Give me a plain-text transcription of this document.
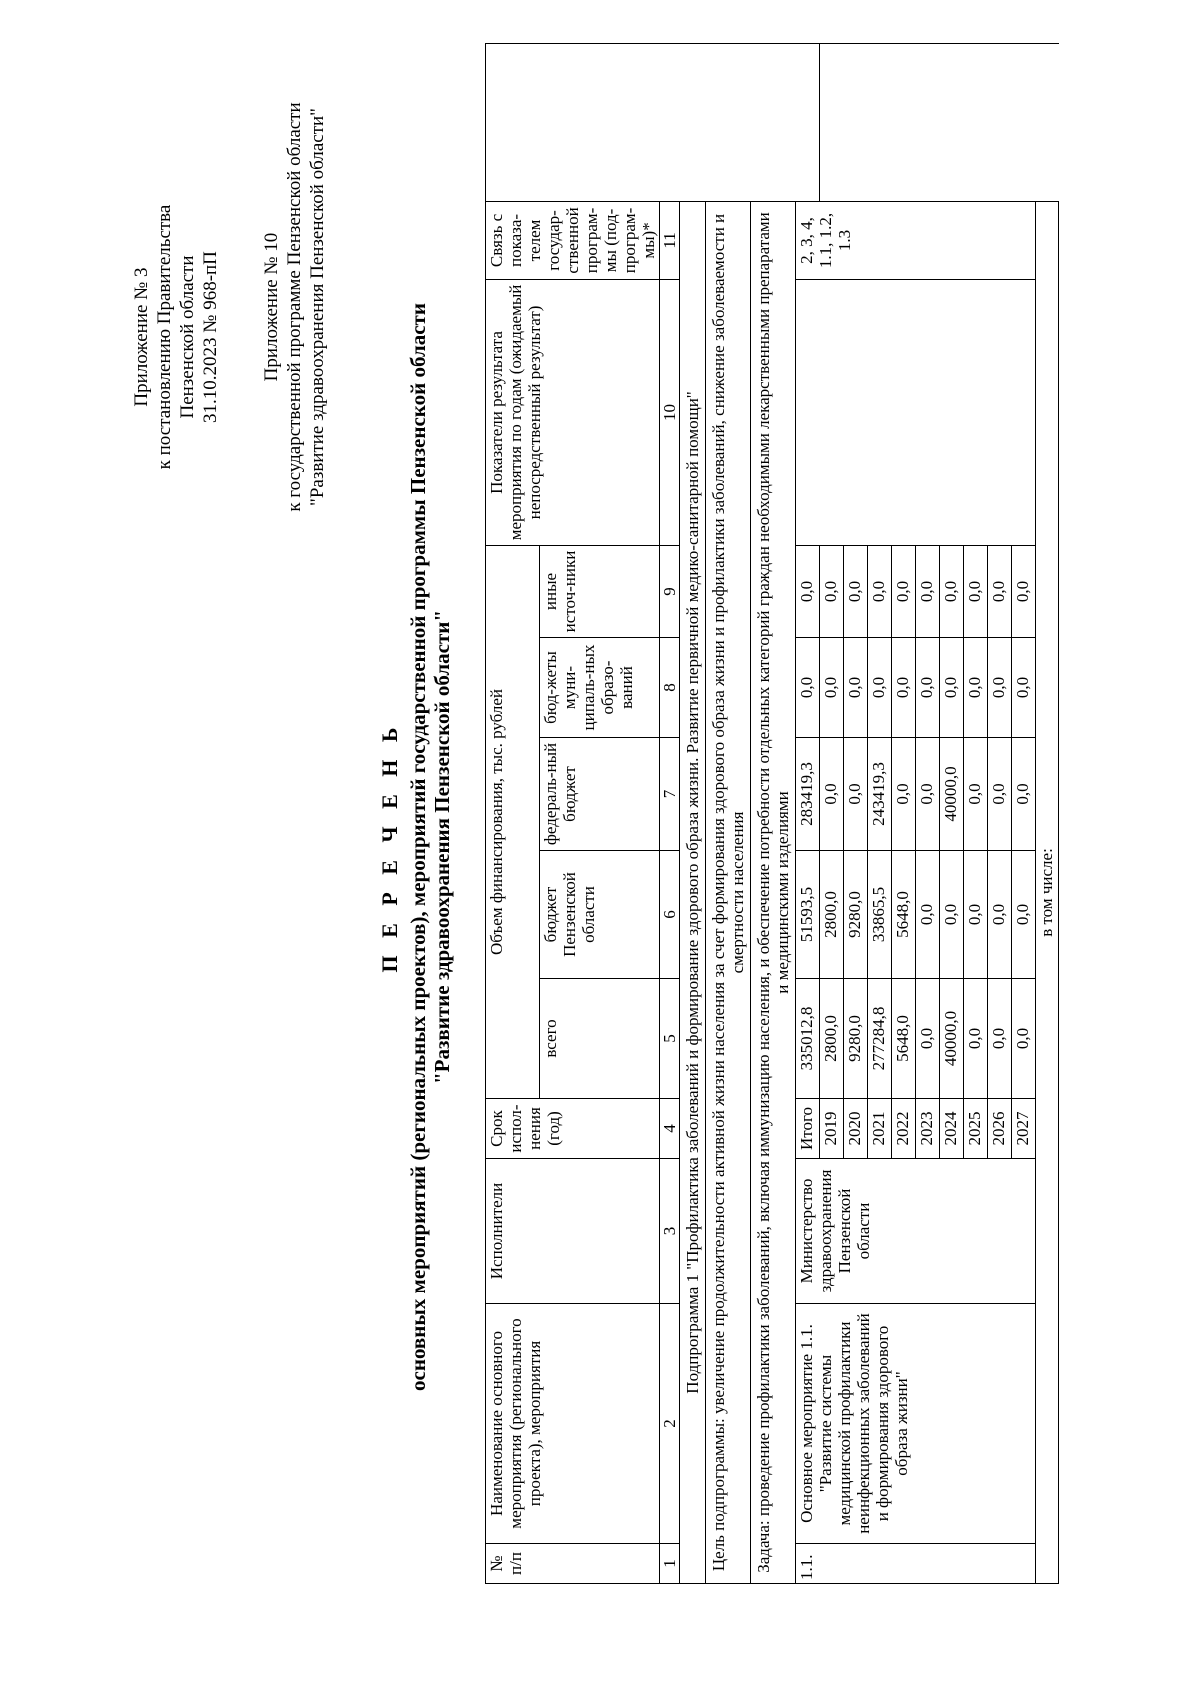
Приложение № 3 к постановлению Правительства Пензенской области 31.10.2023 № 968-пП Приложение № 10 к государственной программе Пензенской области "Развитие здравоохранения Пензенской области"
П Е Р Е Ч Е Н Ь основных мероприятий (региональных проектов), мероприятий государственной программы Пензенской области "Развитие здравоохранения Пензенской области"
№ п/п	Наименование основного мероприятия (регионального проекта), мероприятия	Исполнители	Срок испол-нения (год)	Объем финансирования, тыс. рублей					Показатели результата мероприятия по годам (ожидаемый непосредственный результат)	Связь с показа-телем государ-ственной програм-мы (под-програм-мы)*		
				всего	бюджет Пензенской области	федераль-ный бюджет	бюд-жеты муни-ципаль-ных образо-ваний	иные источ-ники				
1	2	3	4	5	6	7	8	9	10	11		
Подпрограмма 1 "Профилактика заболеваний и формирование здорового образа жизни. Развитие первичной медико-санитарной помощи"												
Цель подпрограммы: увеличение продолжительности активной жизни населения за счет формирования здорового образа жизни и профилактики заболеваний, снижение заболеваемости и смертности населения												
Задача: проведение профилактики заболеваний, включая иммунизацию населения, и обеспечение потребности отдельных категорий граждан необходимыми лекарственными препаратами и медицинскими изделиями												
1.1.	Основное мероприятие 1.1. "Развитие системы медицинской профилактики неинфекционных заболеваний и формирования здорового образа жизни"	Министерство здравоохранения Пензенской области	Итого	335012,8	51593,5	283419,3	0,0	0,0		2, 3, 4, 1.1, 1.2, 1.3		
			2019	2800,0	2800,0	0,0	0,0	0,0				
			2020	9280,0	9280,0	0,0	0,0	0,0				
			2021	277284,8	33865,5	243419,3	0,0	0,0				
			2022	5648,0	5648,0	0,0	0,0	0,0				
			2023	0,0	0,0	0,0	0,0	0,0				
			2024	40000,0	0,0	40000,0	0,0	0,0				
			2025	0,0	0,0	0,0	0,0	0,0				
			2026	0,0	0,0	0,0	0,0	0,0				
			2027	0,0	0,0	0,0	0,0	0,0				
в том числе:												
